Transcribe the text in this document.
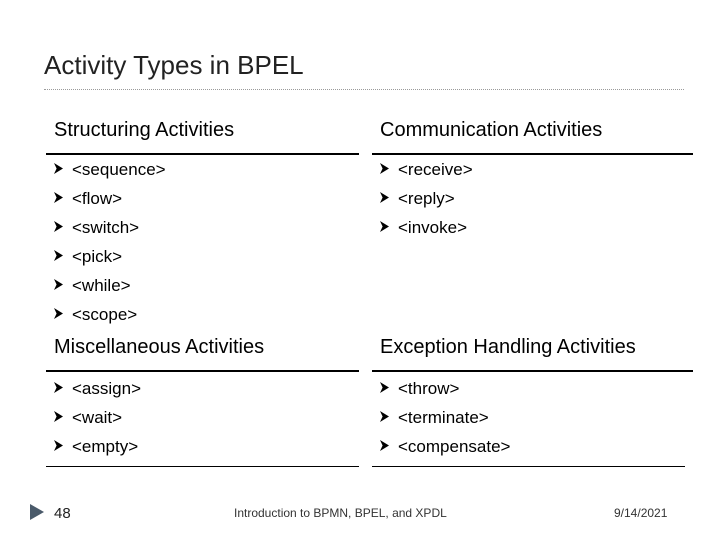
Activity Types in BPEL
Structuring Activities
<sequence>
<flow>
<switch>
<pick>
<while>
<scope>
Communication Activities
<receive>
<reply>
<invoke>
Miscellaneous Activities
<assign>
<wait>
<empty>
Exception Handling Activities
<throw>
<terminate>
<compensate>
48	Introduction to BPMN, BPEL, and XPDL	9/14/2021
